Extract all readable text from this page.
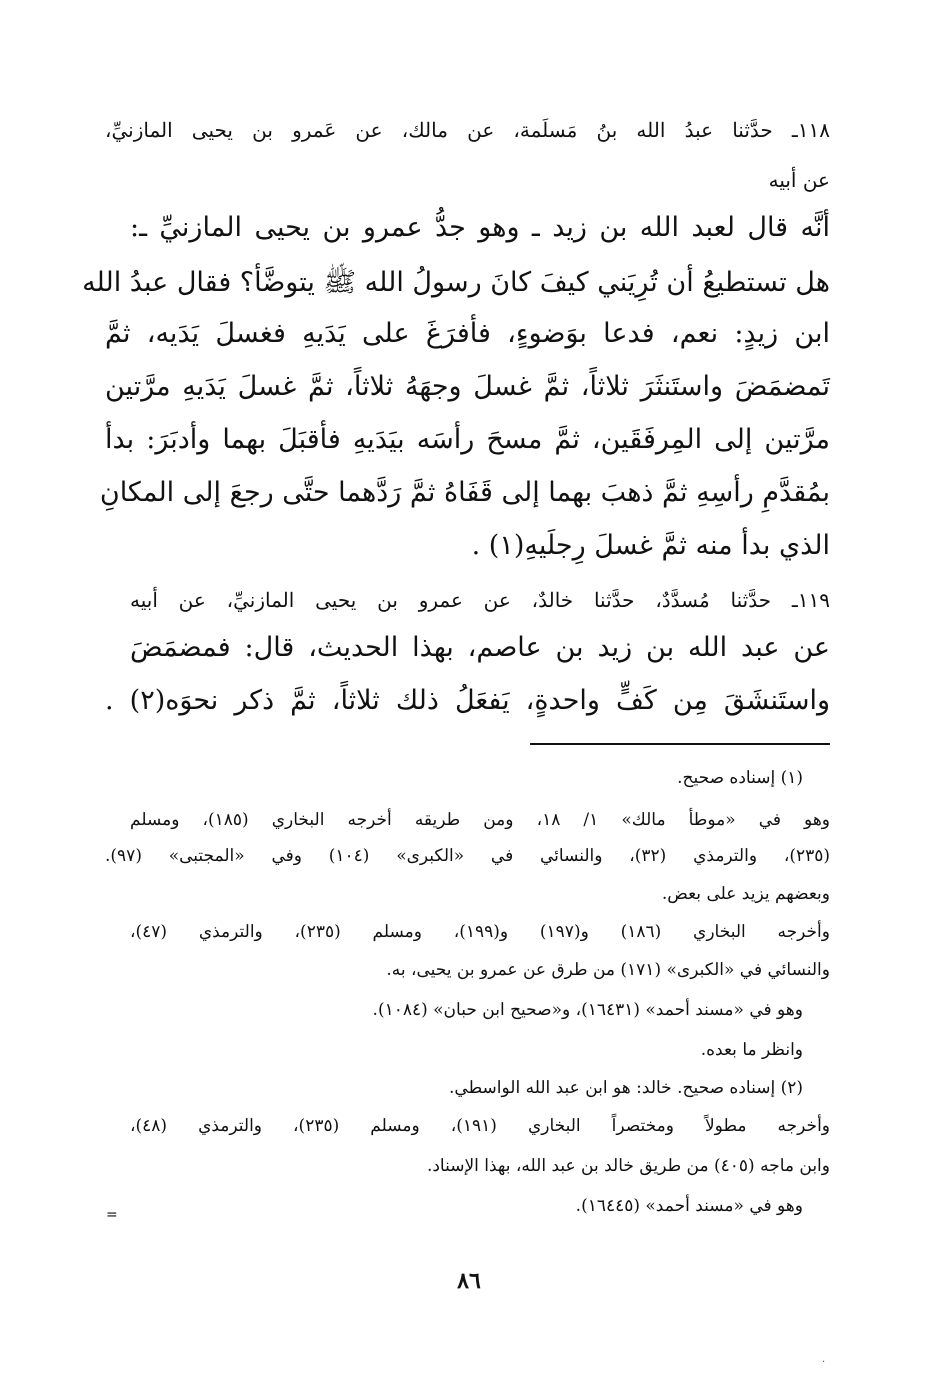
١١٨ـ حدَّثنا عبدُ الله بنُ مَسلَمة، عن مالك، عن عَمرو بن يحيى المازنيِّ،
عن أبيه
أنَّه قال لعبد الله بن زيد ـ وهو جدُّ عمرو بن يحيى المازنيِّ ـ:
هل تستطيعُ أن تُرِيَني كيفَ كانَ رسولُ الله ﷺ يتوضَّأ؟ فقال عبدُ الله
ابن زيدٍ: نعم، فدعا بوَضوءٍ، فأفرَغَ على يَدَيهِ فغسلَ يَدَيه، ثمَّ
تَمضمَضَ واستَنثَرَ ثلاثاً، ثمَّ غسلَ وجهَهُ ثلاثاً، ثمَّ غسلَ يَدَيهِ مرَّتين
مرَّتين إلى المِرفَقَين، ثمَّ مسحَ رأسَه بيَدَيهِ فأقبَلَ بهما وأدبَرَ: بدأ
بمُقدَّمِ رأسِهِ ثمَّ ذهبَ بهما إلى قَفَاهُ ثمَّ رَدَّهما حتَّى رجعَ إلى المكانِ
الذي بدأ منه ثمَّ غسلَ رِجلَيهِ(١) .
١١٩ـ حدَّثنا مُسدَّدٌ، حدَّثنا خالدٌ، عن عمرو بن يحيى المازنيِّ، عن أبيه
عن عبد الله بن زيد بن عاصم، بهذا الحديث، قال: فمضمَضَ
واستَنشَقَ مِن كَفٍّ واحدةٍ، يَفعَلُ ذلك ثلاثاً، ثمَّ ذكر نحوَه(٢) .
(١) إسناده صحيح.
وهو في «موطأ مالك» ١/ ١٨، ومن طريقه أخرجه البخاري (١٨٥)، ومسلم
(٢٣٥)، والترمذي (٣٢)، والنسائي في «الكبرى» (١٠٤) وفي «المجتبى» (٩٧).
وبعضهم يزيد على بعض.
وأخرجه البخاري (١٨٦) و(١٩٧) و(١٩٩)، ومسلم (٢٣٥)، والترمذي (٤٧)،
والنسائي في «الكبرى» (١٧١) من طرق عن عمرو بن يحيى، به.
وهو في «مسند أحمد» (١٦٤٣١)، و«صحيح ابن حبان» (١٠٨٤).
وانظر ما بعده.
(٢) إسناده صحيح. خالد: هو ابن عبد الله الواسطي.
وأخرجه مطولاً ومختصراً البخاري (١٩١)، ومسلم (٢٣٥)، والترمذي (٤٨)،
وابن ماجه (٤٠٥) من طريق خالد بن عبد الله، بهذا الإسناد.
وهو في «مسند أحمد» (١٦٤٤٥).
=
٨٦
·
